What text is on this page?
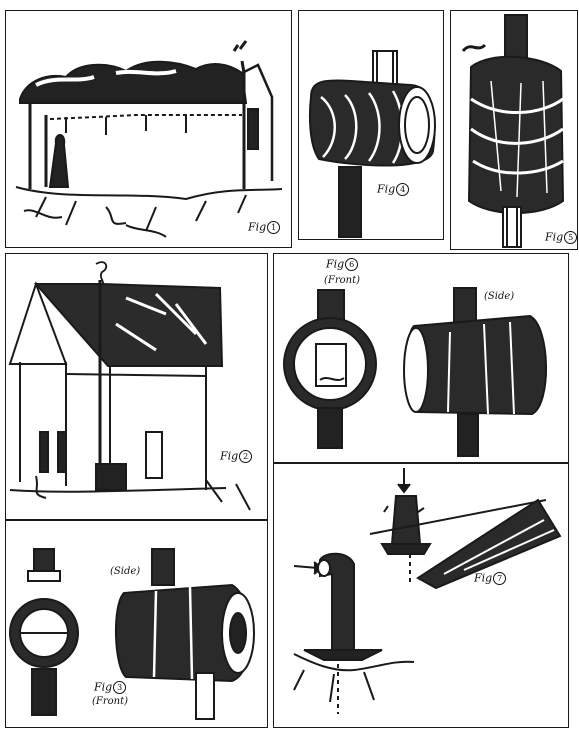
Fig 1
Fig 4
Fig 5
Fig 2
Fig 6
(Front)
(Side)
Fig 3
(Front)
(Side)	Fig 7
